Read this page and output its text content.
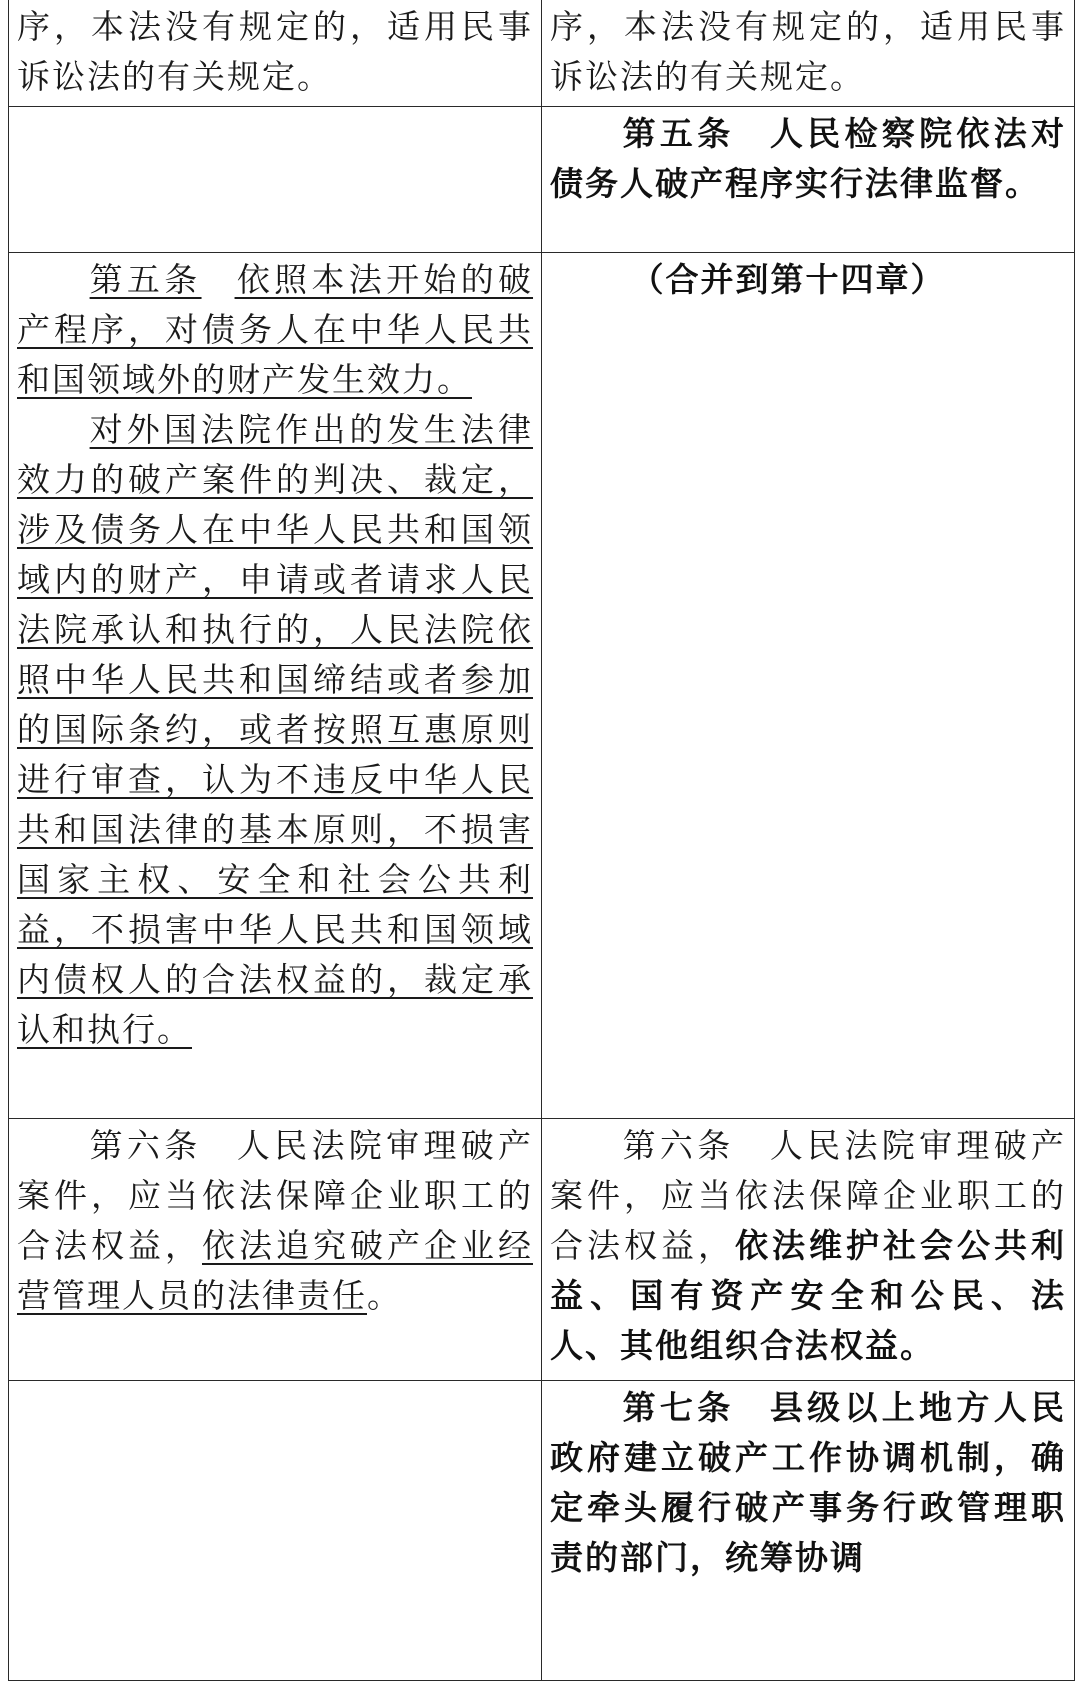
序，本法没有规定的，适用民事诉讼法的有关规定。	序，本法没有规定的，适用民事诉讼法的有关规定。

	第五条 人民检察院依法对债务人破产程序实行法律监督。

第五条 依照本法开始的破产程序，对债务人在中华人民共和国领域外的财产发生效力。

对外国法院作出的发生法律效力的破产案件的判决、裁定，涉及债务人在中华人民共和国领域内的财产，申请或者请求人民法院承认和执行的，人民法院依照中华人民共和国缔结或者参加的国际条约，或者按照互惠原则进行审查，认为不违反中华人民共和国法律的基本原则，不损害国家主权、安全和社会公共利益，不损害中华人民共和国领域内债权人的合法权益的，裁定承认和执行。	（合并到第十四章）

第六条 人民法院审理破产案件，应当依法保障企业职工的合法权益，依法追究破产企业经营管理人员的法律责任。	第六条 人民法院审理破产案件，应当依法保障企业职工的合法权益，依法维护社会公共利益、国有资产安全和公民、法人、其他组织合法权益。

	第七条 县级以上地方人民政府建立破产工作协调机制，确定牵头履行破产事务行政管理职责的部门，统筹协调
